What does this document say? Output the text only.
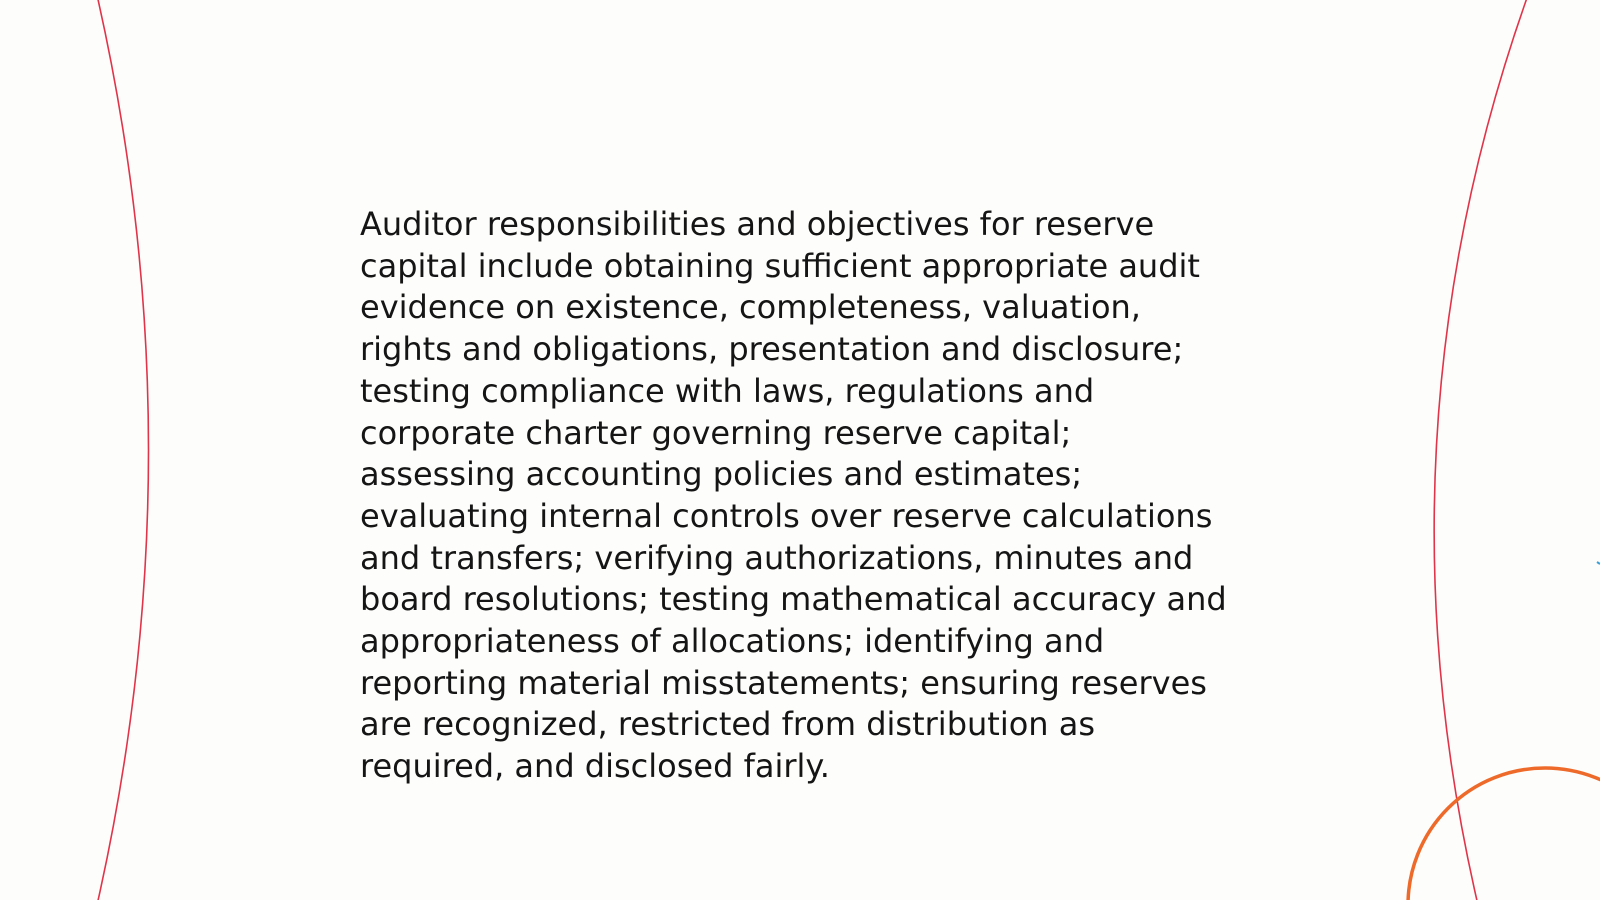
Auditor responsibilities and objectives for reserve
capital include obtaining sufficient appropriate audit
evidence on existence, completeness, valuation,
rights and obligations, presentation and disclosure;
testing compliance with laws, regulations and
corporate charter governing reserve capital;
assessing accounting policies and estimates;
evaluating internal controls over reserve calculations
and transfers; verifying authorizations, minutes and
board resolutions; testing mathematical accuracy and
appropriateness of allocations; identifying and
reporting material misstatements; ensuring reserves
are recognized, restricted from distribution as
required, and disclosed fairly.
